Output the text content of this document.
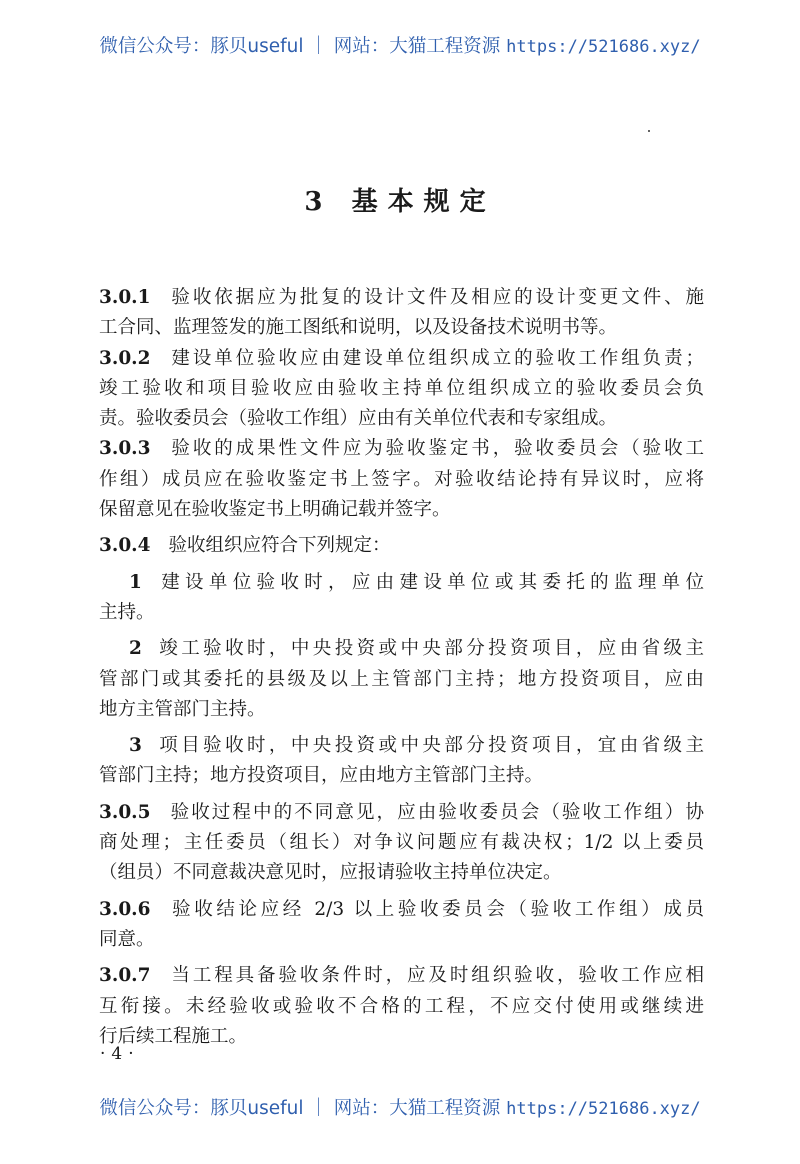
微信公众号：豚贝useful ｜ 网站：大猫工程资源 https://521686.xyz/
3 基本规定
3.0.1 验收依据应为批复的设计文件及相应的设计变更文件、施
工合同、监理签发的施工图纸和说明，以及设备技术说明书等。
3.0.2 建设单位验收应由建设单位组织成立的验收工作组负责；
竣工验收和项目验收应由验收主持单位组织成立的验收委员会负
责。验收委员会（验收工作组）应由有关单位代表和专家组成。
3.0.3 验收的成果性文件应为验收鉴定书，验收委员会（验收工
作组）成员应在验收鉴定书上签字。对验收结论持有异议时，应将
保留意见在验收鉴定书上明确记载并签字。
3.0.4 验收组织应符合下列规定：
1 建设单位验收时，应由建设单位或其委托的监理单位
主持。
2 竣工验收时，中央投资或中央部分投资项目，应由省级主
管部门或其委托的县级及以上主管部门主持；地方投资项目，应由
地方主管部门主持。
3 项目验收时，中央投资或中央部分投资项目，宜由省级主
管部门主持；地方投资项目，应由地方主管部门主持。
3.0.5 验收过程中的不同意见，应由验收委员会（验收工作组）协
商处理；主任委员（组长）对争议问题应有裁决权；1/2 以上委员
（组员）不同意裁决意见时，应报请验收主持单位决定。
3.0.6 验收结论应经 2/3 以上验收委员会（验收工作组）成员
同意。
3.0.7 当工程具备验收条件时，应及时组织验收，验收工作应相
互衔接。未经验收或验收不合格的工程，不应交付使用或继续进
行后续工程施工。
·4·
微信公众号：豚贝useful ｜ 网站：大猫工程资源 https://521686.xyz/
